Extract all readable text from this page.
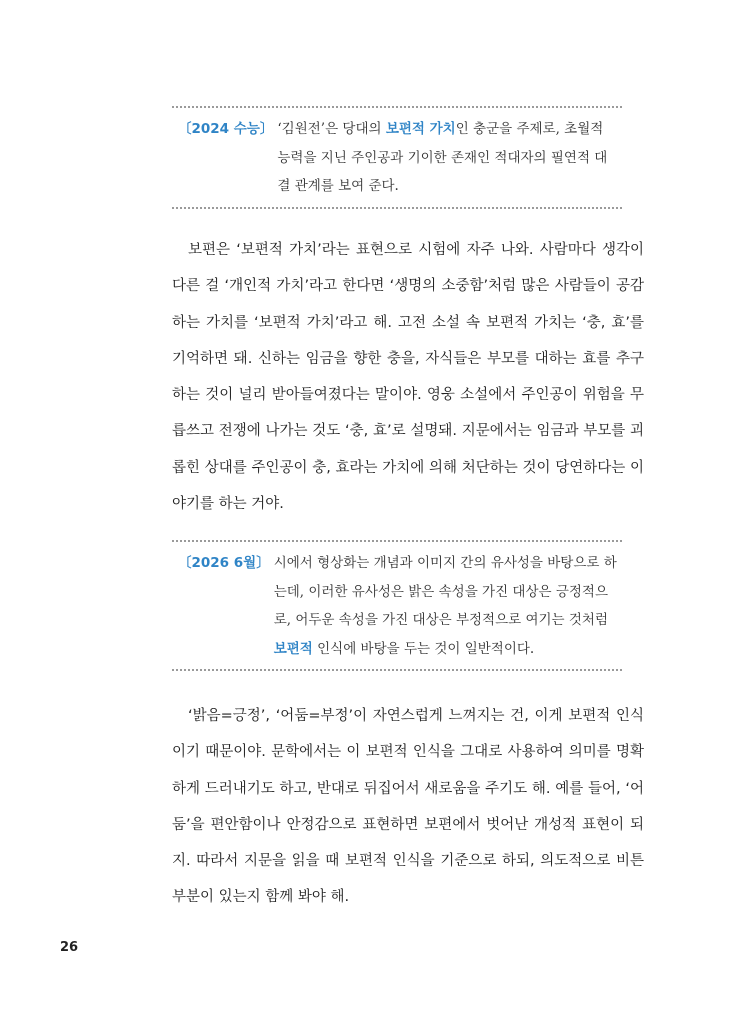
〔2024 수능〕 ‘김원전’은 당대의 보편적 가치인 충군을 주제로, 초월적 능력을 지닌 주인공과 기이한 존재인 적대자의 필연적 대결 관계를 보여 준다.

보편은 ‘보편적 가치’라는 표현으로 시험에 자주 나와. 사람마다 생각이 다른 걸 ‘개인적 가치’라고 한다면 ‘생명의 소중함’처럼 많은 사람들이 공감하는 가치를 ‘보편적 가치’라고 해. 고전 소설 속 보편적 가치는 ‘충, 효’를 기억하면 돼. 신하는 임금을 향한 충을, 자식들은 부모를 대하는 효를 추구하는 것이 널리 받아들여졌다는 말이야. 영웅 소설에서 주인공이 위험을 무릅쓰고 전쟁에 나가는 것도 ‘충, 효’로 설명돼. 지문에서는 임금과 부모를 괴롭힌 상대를 주인공이 충, 효라는 가치에 의해 처단하는 것이 당연하다는 이야기를 하는 거야.

〔2026 6월〕 시에서 형상화는 개념과 이미지 간의 유사성을 바탕으로 하는데, 이러한 유사성은 밝은 속성을 가진 대상은 긍정적으로, 어두운 속성을 가진 대상은 부정적으로 여기는 것처럼 보편적 인식에 바탕을 두는 것이 일반적이다.

‘밝음=긍정’, ‘어둠=부정’이 자연스럽게 느껴지는 건, 이게 보편적 인식이기 때문이야. 문학에서는 이 보편적 인식을 그대로 사용하여 의미를 명확하게 드러내기도 하고, 반대로 뒤집어서 새로움을 주기도 해. 예를 들어, ‘어둠’을 편안함이나 안정감으로 표현하면 보편에서 벗어난 개성적 표현이 되지. 따라서 지문을 읽을 때 보편적 인식을 기준으로 하되, 의도적으로 비튼 부분이 있는지 함께 봐야 해.

26
